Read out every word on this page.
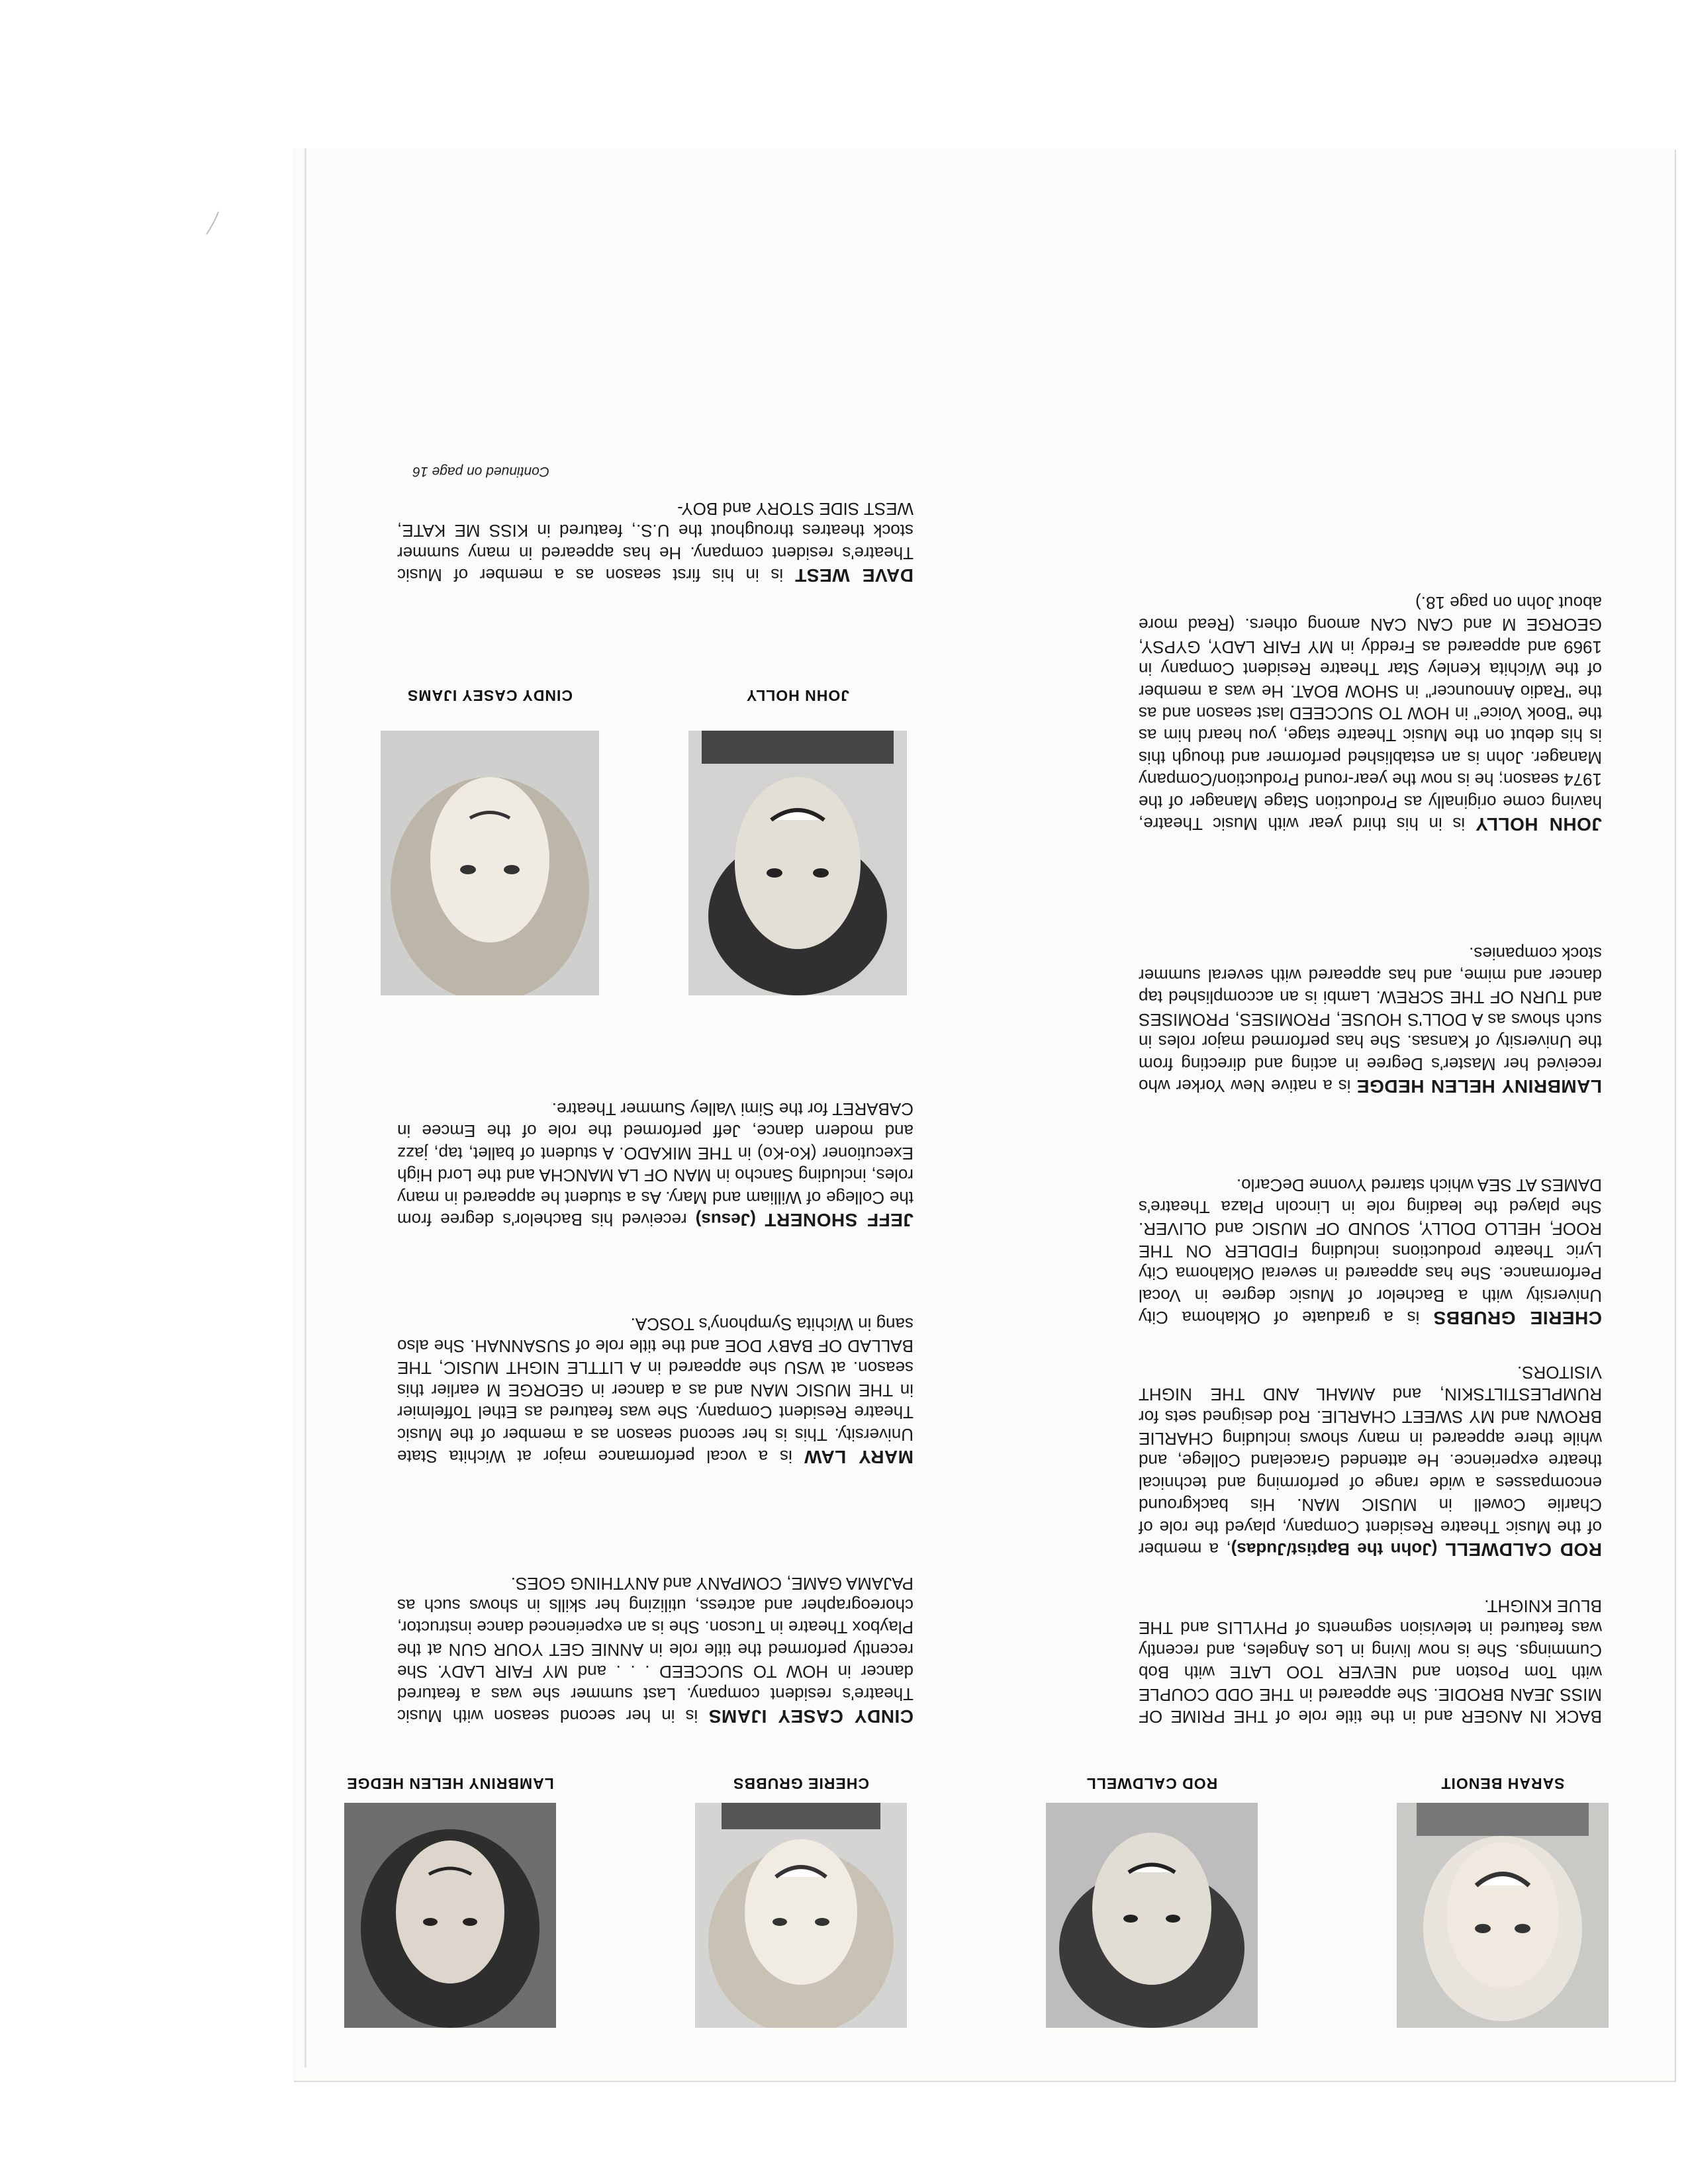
SARAH BENOIT
ROD CALDWELL
CHERIE GRUBBS
LAMBRINY HELEN HEDGE
BACK IN ANGER and in the title role of THE PRIME OF MISS JEAN BRODIE. She appeared in THE ODD COUPLE with Tom Poston and NEVER TOO LATE with Bob Cummings. She is now living in Los Angeles, and recently was featured in television segments of PHYLLIS and THE BLUE KNIGHT.
ROD CALDWELL (John the Baptist/Judas), a member of the Music Theatre Resident Company, played the role of Charlie Cowell in MUSIC MAN. His background encompasses a wide range of performing and technical theatre experience. He attended Graceland College, and while there appeared in many shows including CHARLIE BROWN and MY SWEET CHARLIE. Rod designed sets for RUMPLESTILTSKIN, and AMAHL AND THE NIGHT VISITORS.
CHERIE GRUBBS is a graduate of Oklahoma City University with a Bachelor of Music degree in Vocal Performance. She has appeared in several Oklahoma City Lyric Theatre productions including FIDDLER ON THE ROOF, HELLO DOLLY, SOUND OF MUSIC and OLIVER. She played the leading role in Lincoln Plaza Theatre's DAMES AT SEA which starred Yvonne DeCarlo.
LAMBRINY HELEN HEDGE is a native New Yorker who received her Master's Degree in acting and directing from the University of Kansas. She has performed major roles in such shows as A DOLL'S HOUSE, PROMISES, PROMISES and TURN OF THE SCREW. Lambi is an accomplished tap dancer and mime, and has appeared with several summer stock companies.
JOHN HOLLY is in his third year with Music Theatre, having come originally as Production Stage Manager of the 1974 season; he is now the year-round Production/Company Manager. John is an established performer and though this is his debut on the Music Theatre stage, you heard him as the "Book Voice" in HOW TO SUCCEED last season and as the "Radio Announcer" in SHOW BOAT. He was a member of the Wichita Kenley Star Theatre Resident Company in 1969 and appeared as Freddy in MY FAIR LADY, GYPSY, GEORGE M and CAN CAN among others. (Read more about John on page 18.)
CINDY CASEY IJAMS is in her second season with Music Theatre's resident company. Last summer she was a featured dancer in HOW TO SUCCEED . . . and MY FAIR LADY. She recently performed the title role in ANNIE GET YOUR GUN at the Playbox Theatre in Tucson. She is an experienced dance instructor, choreographer and actress, utilizing her skills in shows such as PAJAMA GAME, COMPANY and ANYTHING GOES.
MARY LAW is a vocal performance major at Wichita State University. This is her second season as a member of the Music Theatre Resident Company. She was featured as Ethel Toffelmier in THE MUSIC MAN and as a dancer in GEORGE M earlier this season. at WSU she appeared in A LITTLE NIGHT MUSIC, THE BALLAD OF BABY DOE and the title role of SUSANNAH. She also sang in Wichita Symphony's TOSCA.
JEFF SHONERT (Jesus) received his Bachelor's degree from the College of William and Mary. As a student he appeared in many roles, including Sancho in MAN OF LA MANCHA and the Lord High Executioner (Ko-Ko) in THE MIKADO. A student of ballet, tap, jazz and modern dance, Jeff performed the role of the Emcee in CABARET for the Simi Valley Summer Theatre.
JOHN HOLLY
CINDY CASEY IJAMS
DAVE WEST is in his first season as a member of Music Theatre's resident company. He has appeared in many summer stock theatres throughout the U.S., featured in KISS ME KATE, WEST SIDE STORY and BOY-
Continued on page 16
